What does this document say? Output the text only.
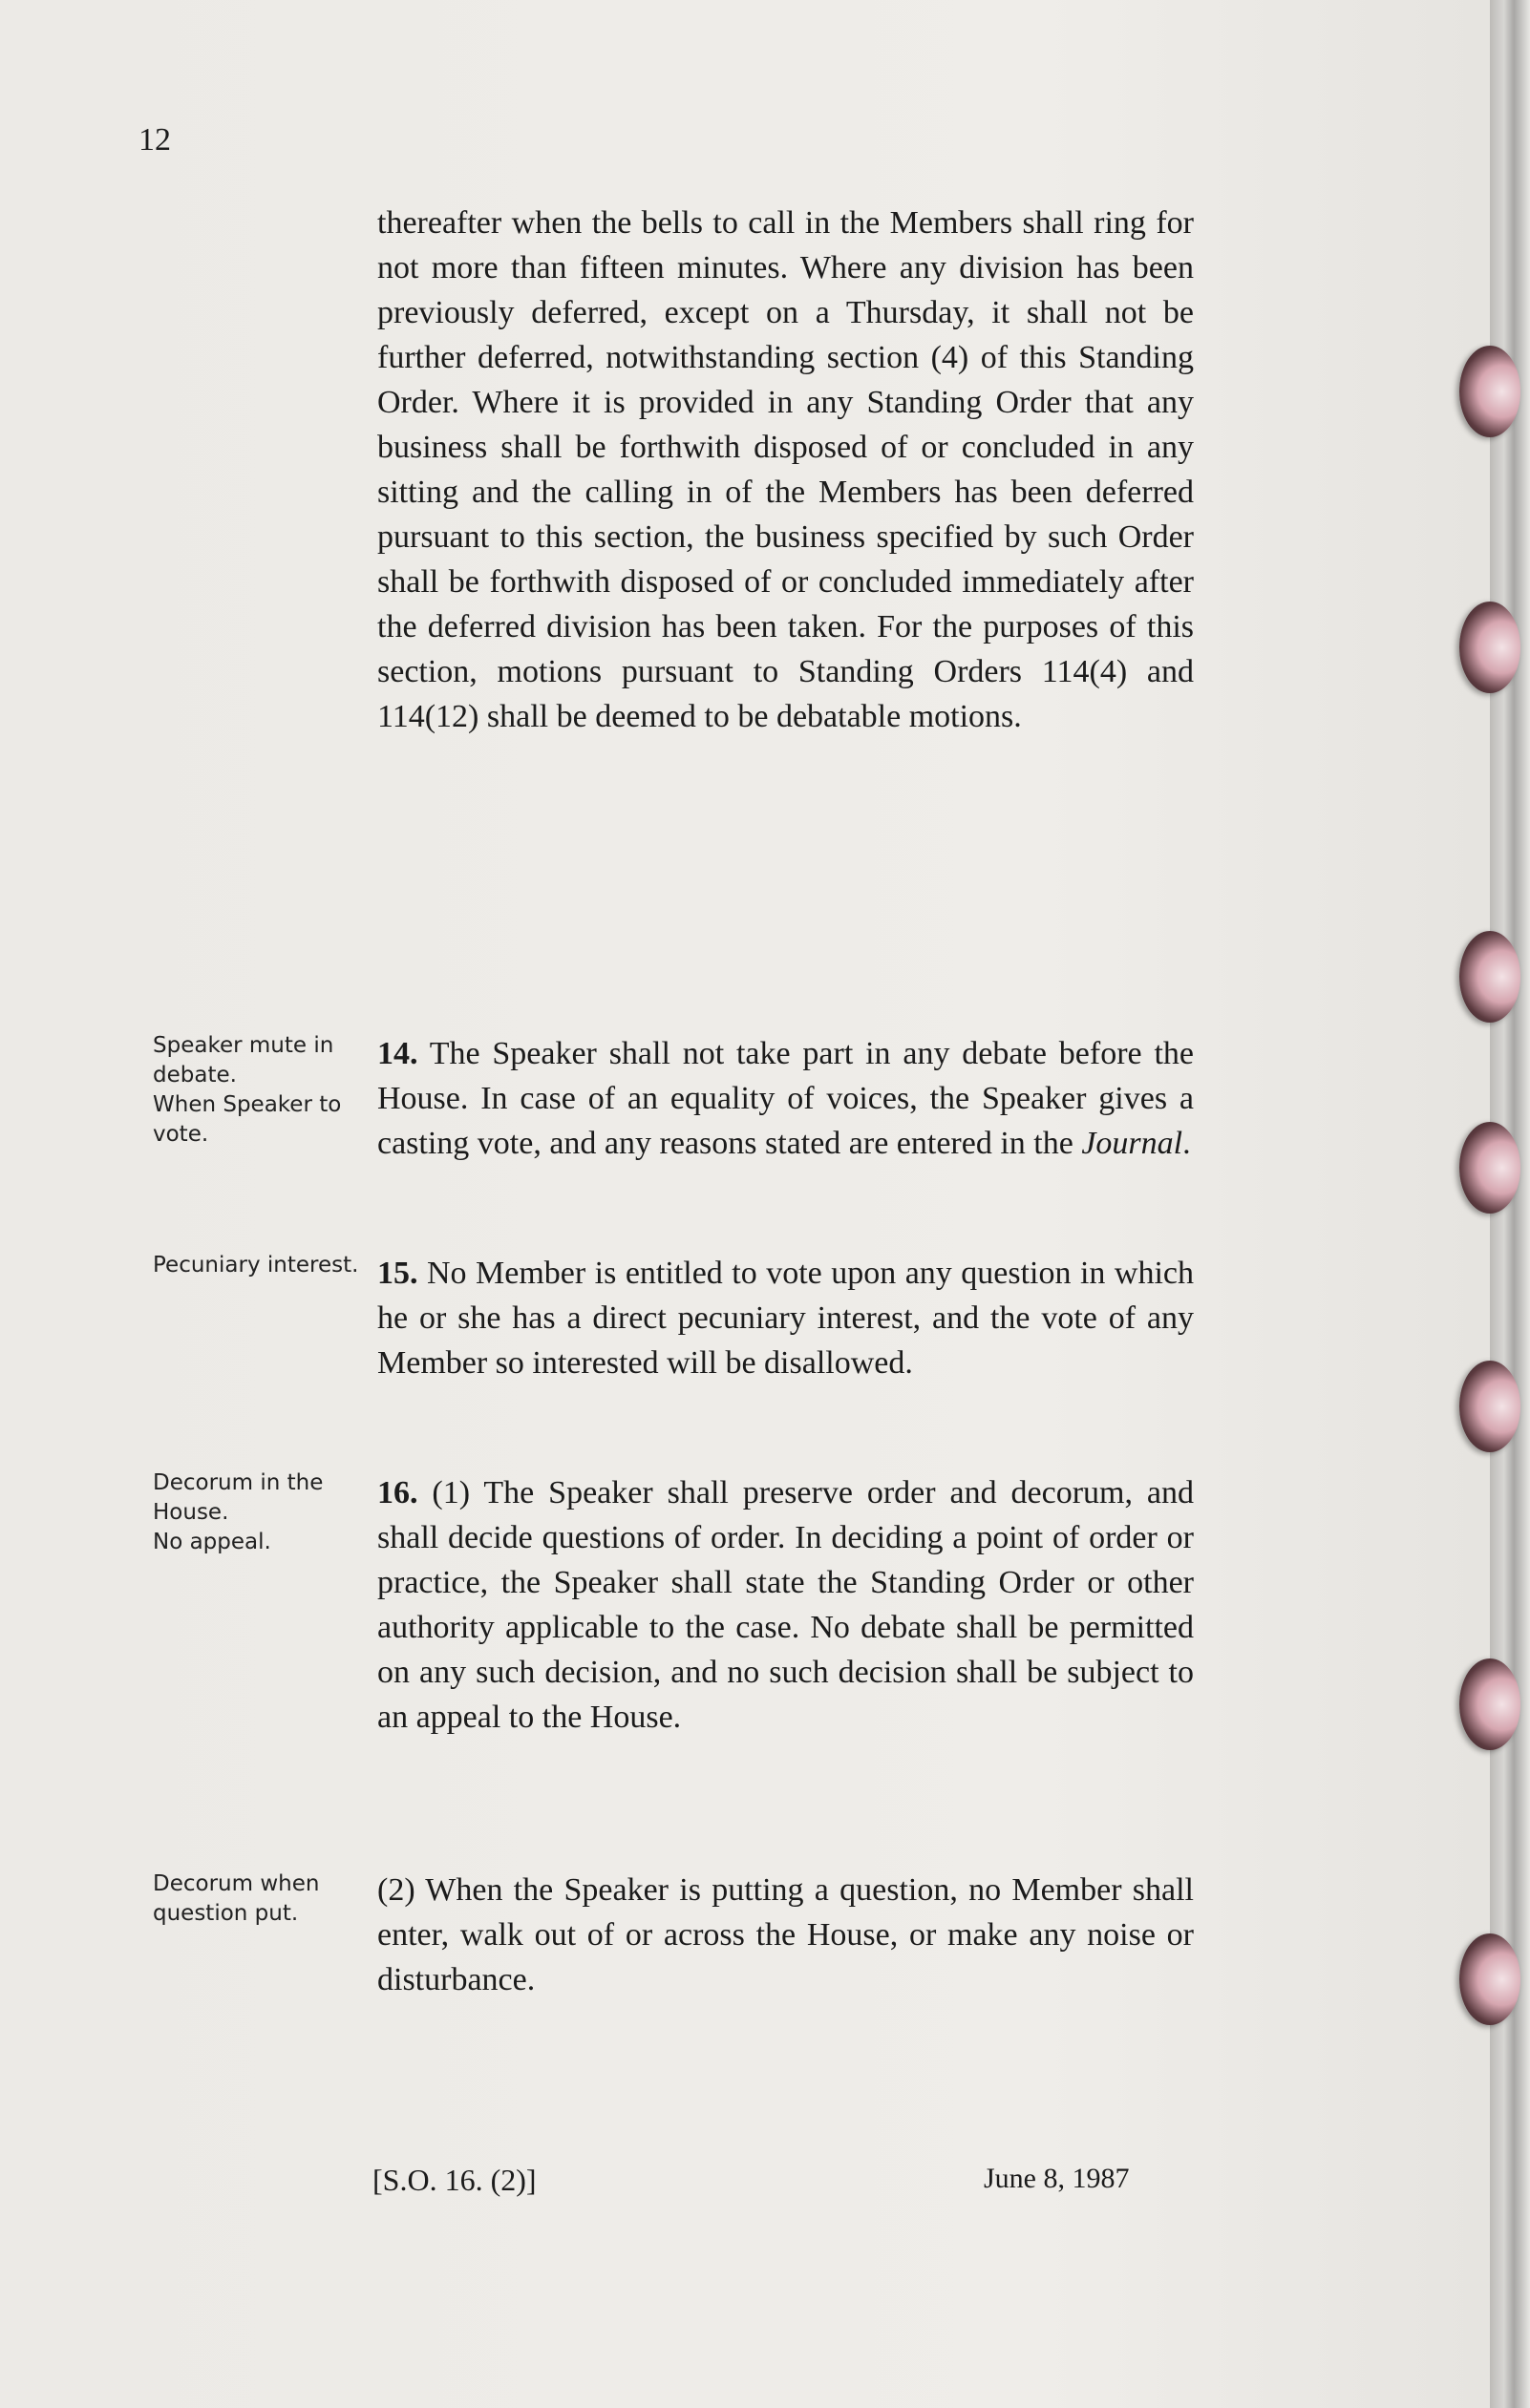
12

thereafter when the bells to call in the Members shall ring for not more than fifteen minutes. Where any division has been previously deferred, except on a Thursday, it shall not be further deferred, notwithstanding section (4) of this Standing Order. Where it is provided in any Standing Order that any business shall be forthwith disposed of or concluded in any sitting and the calling in of the Members has been deferred pursuant to this section, the business specified by such Order shall be forthwith disposed of or concluded immediately after the deferred division has been taken. For the purposes of this section, motions pursuant to Standing Orders 114(4) and 114(12) shall be deemed to be debatable motions.

Speaker mute in debate.
When Speaker to vote.

14. The Speaker shall not take part in any debate before the House. In case of an equality of voices, the Speaker gives a casting vote, and any reasons stated are entered in the Journal.

Pecuniary interest. 15. No Member is entitled to vote upon any question in which he or she has a direct pecuniary interest, and the vote of any Member so interested will be disallowed.

Decorum in the House.
No appeal.

16. (1) The Speaker shall preserve order and decorum, and shall decide questions of order. In deciding a point of order or practice, the Speaker shall state the Standing Order or other authority applicable to the case. No debate shall be permitted on any such decision, and no such decision shall be subject to an appeal to the House.

Decorum when question put.

(2) When the Speaker is putting a question, no Member shall enter, walk out of or across the House, or make any noise or disturbance.

[S.O. 16. (2)]	June 8, 1987
